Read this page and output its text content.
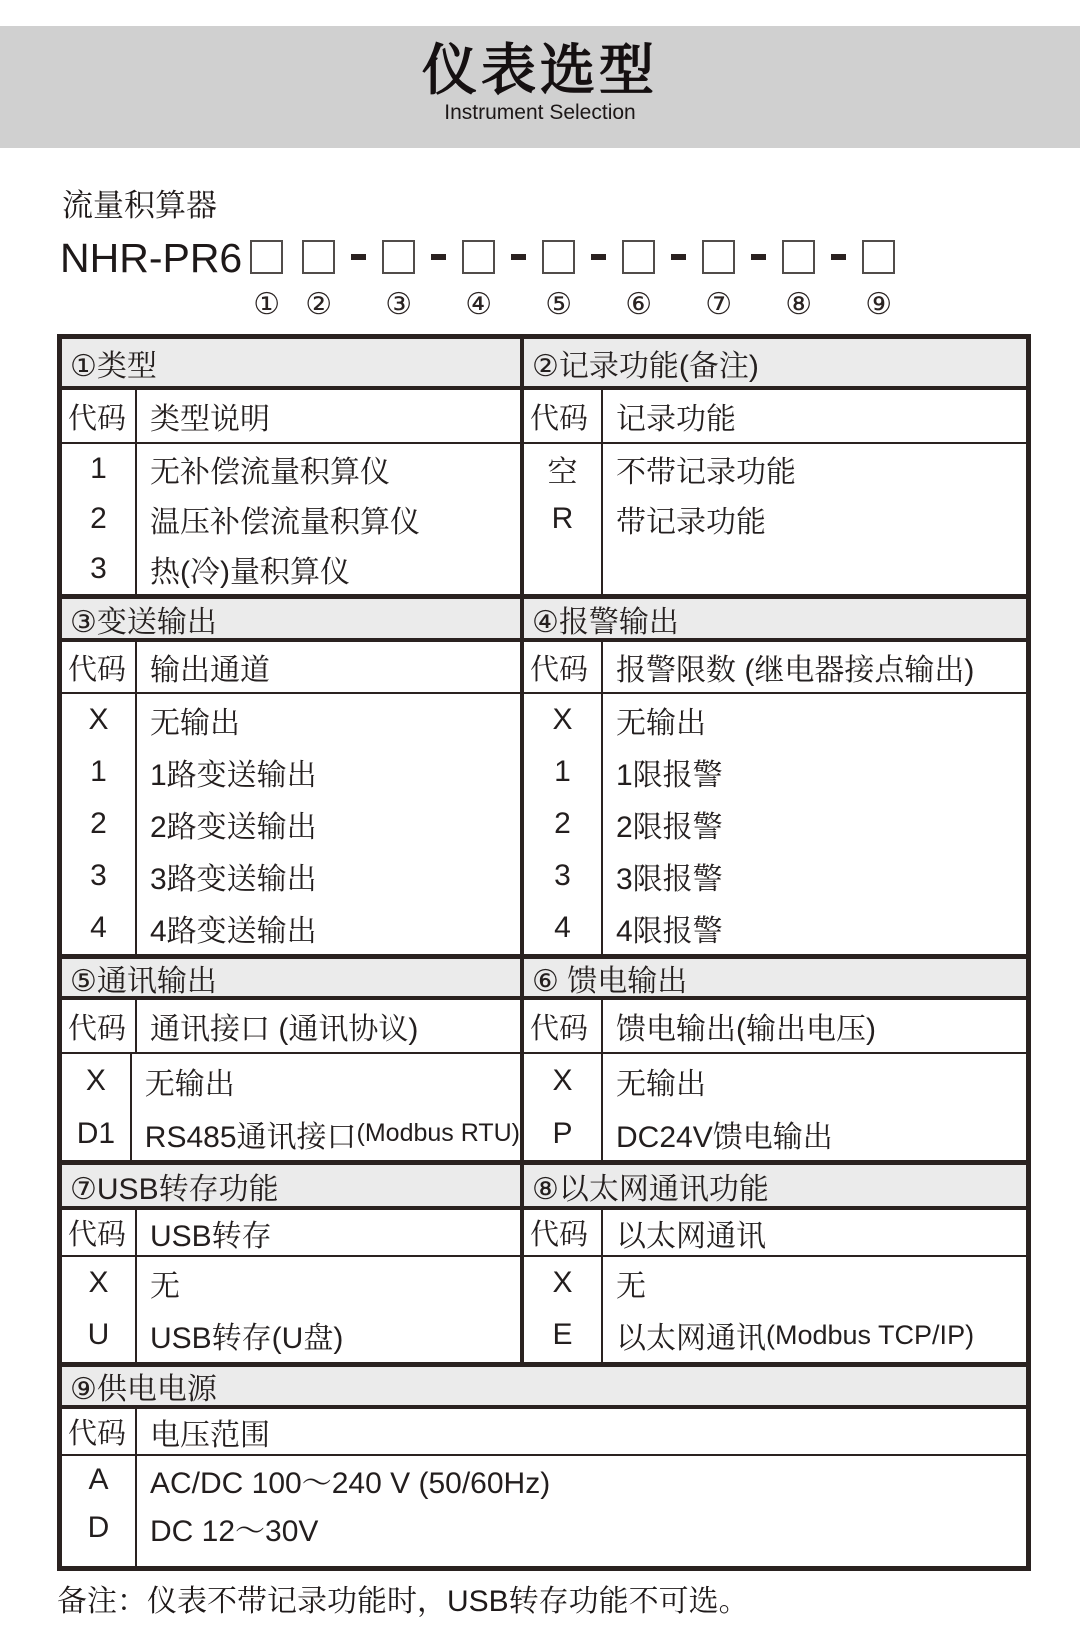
仪表选型
Instrument Selection
流量积算器
NHR-PR6
① ② ③ ④ ⑤ ⑥ ⑦ ⑧ ⑨
①类型
代码 类型说明
1
2
3
无补偿流量积算仪
温压补偿流量积算仪
热(冷)量积算仪
②记录功能(备注)
代码 记录功能
空
R
不带记录功能
带记录功能
③变送输出
代码 输出通道
X
1
2
3
4
无输出
1路变送输出
2路变送输出
3路变送输出
4路变送输出
④报警输出
代码 报警限数 (继电器接点输出)
X
1
2
3
4
无输出
1限报警
2限报警
3限报警
4限报警
⑤通讯输出
代码 通讯接口 (通讯协议)
X
D1
无输出
RS485通讯接口 (Modbus RTU)
⑥ 馈电输出
代码 馈电输出(输出电压)
X
P
无输出
DC24V馈电输出
⑦USB转存功能
代码 USB转存
X
U
无
USB转存(U盘)
⑧以太网通讯功能
代码 以太网通讯
X
E
无
以太网通讯 (Modbus TCP/IP)
⑨供电电源
代码 电压范围
A
D
AC/DC 100～240 V (50/60Hz)
DC 12～30V
备注：仪表不带记录功能时，USB转存功能不可选。
